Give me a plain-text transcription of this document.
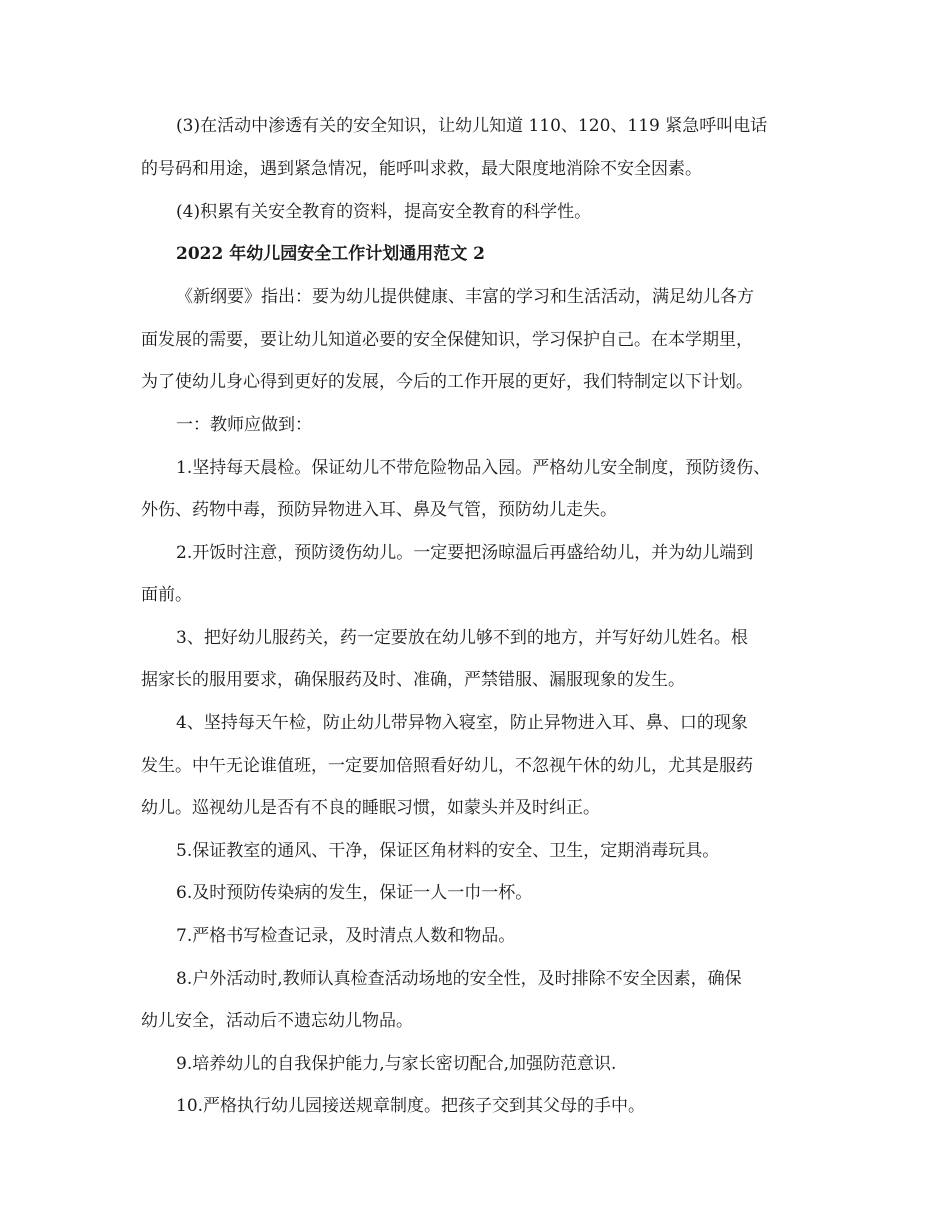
(3)在活动中渗透有关的安全知识，让幼儿知道 110、120、119 紧急呼叫电话
的号码和用途，遇到紧急情况，能呼叫求救，最大限度地消除不安全因素。
(4)积累有关安全教育的资料，提高安全教育的科学性。
2022 年幼儿园安全工作计划通用范文 2
《新纲要》指出：要为幼儿提供健康、丰富的学习和生活活动，满足幼儿各方
面发展的需要，要让幼儿知道必要的安全保健知识，学习保护自己。在本学期里，
为了使幼儿身心得到更好的发展，今后的工作开展的更好，我们特制定以下计划。
一：教师应做到：
1.坚持每天晨检。保证幼儿不带危险物品入园。严格幼儿安全制度，预防烫伤、
外伤、药物中毒，预防异物进入耳、鼻及气管，预防幼儿走失。
2.开饭时注意，预防烫伤幼儿。一定要把汤晾温后再盛给幼儿，并为幼儿端到
面前。
3、把好幼儿服药关，药一定要放在幼儿够不到的地方，并写好幼儿姓名。根
据家长的服用要求，确保服药及时、准确，严禁错服、漏服现象的发生。
4、坚持每天午检，防止幼儿带异物入寝室，防止异物进入耳、鼻、口的现象
发生。中午无论谁值班，一定要加倍照看好幼儿，不忽视午休的幼儿，尤其是服药
幼儿。巡视幼儿是否有不良的睡眠习惯，如蒙头并及时纠正。
5.保证教室的通风、干净，保证区角材料的安全、卫生，定期消毒玩具。
6.及时预防传染病的发生，保证一人一巾一杯。
7.严格书写检查记录，及时清点人数和物品。
8.户外活动时,教师认真检查活动场地的安全性，及时排除不安全因素，确保
幼儿安全，活动后不遗忘幼儿物品。
9.培养幼儿的自我保护能力,与家长密切配合,加强防范意识.
10.严格执行幼儿园接送规章制度。把孩子交到其父母的手中。
